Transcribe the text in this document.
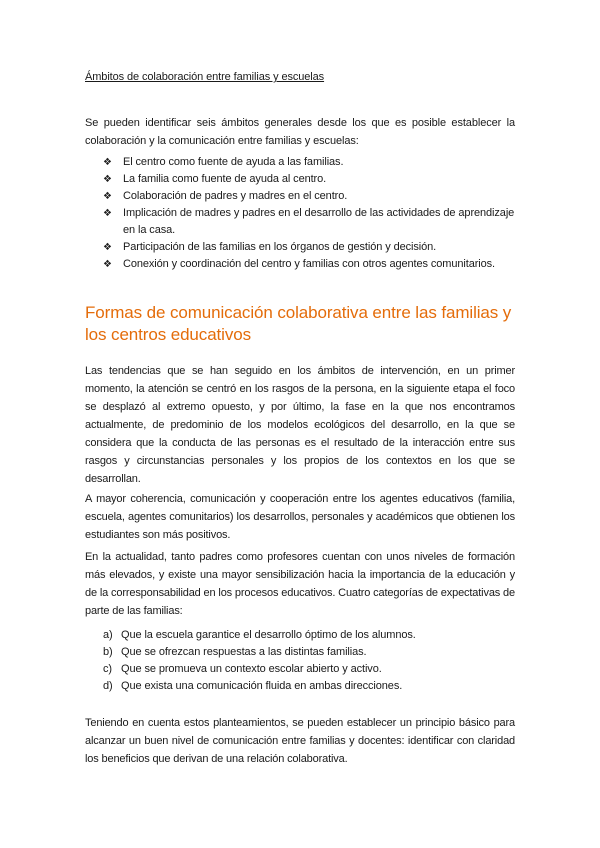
Ámbitos de colaboración entre familias y escuelas

Se pueden identificar seis ámbitos generales desde los que es posible establecer la colaboración y la comunicación entre familias y escuelas:

❖ El centro como fuente de ayuda a las familias.
❖ La familia como fuente de ayuda al centro.
❖ Colaboración de padres y madres en el centro.
❖ Implicación de madres y padres en el desarrollo de las actividades de aprendizaje en la casa.
❖ Participación de las familias en los órganos de gestión y decisión.
❖ Conexión y coordinación del centro y familias con otros agentes comunitarios.
Formas de comunicación colaborativa entre las familias y los centros educativos

Las tendencias que se han seguido en los ámbitos de intervención, en un primer momento, la atención se centró en los rasgos de la persona, en la siguiente etapa el foco se desplazó al extremo opuesto, y por último, la fase en la que nos encontramos actualmente, de predominio de los modelos ecológicos del desarrollo, en la que se considera que la conducta de las personas es el resultado de la interacción entre sus rasgos y circunstancias personales y los propios de los contextos en los que se desarrollan.

A mayor coherencia, comunicación y cooperación entre los agentes educativos (familia, escuela, agentes comunitarios) los desarrollos, personales y académicos que obtienen los estudiantes son más positivos.

En la actualidad, tanto padres como profesores cuentan con unos niveles de formación más elevados, y existe una mayor sensibilización hacia la importancia de la educación y de la corresponsabilidad en los procesos educativos. Cuatro categorías de expectativas de parte de las familias:

a) Que la escuela garantice el desarrollo óptimo de los alumnos.
b) Que se ofrezcan respuestas a las distintas familias.
c) Que se promueva un contexto escolar abierto y activo.
d) Que exista una comunicación fluida en ambas direcciones.

Teniendo en cuenta estos planteamientos, se pueden establecer un principio básico para alcanzar un buen nivel de comunicación entre familias y docentes: identificar con claridad los beneficios que derivan de una relación colaborativa.
